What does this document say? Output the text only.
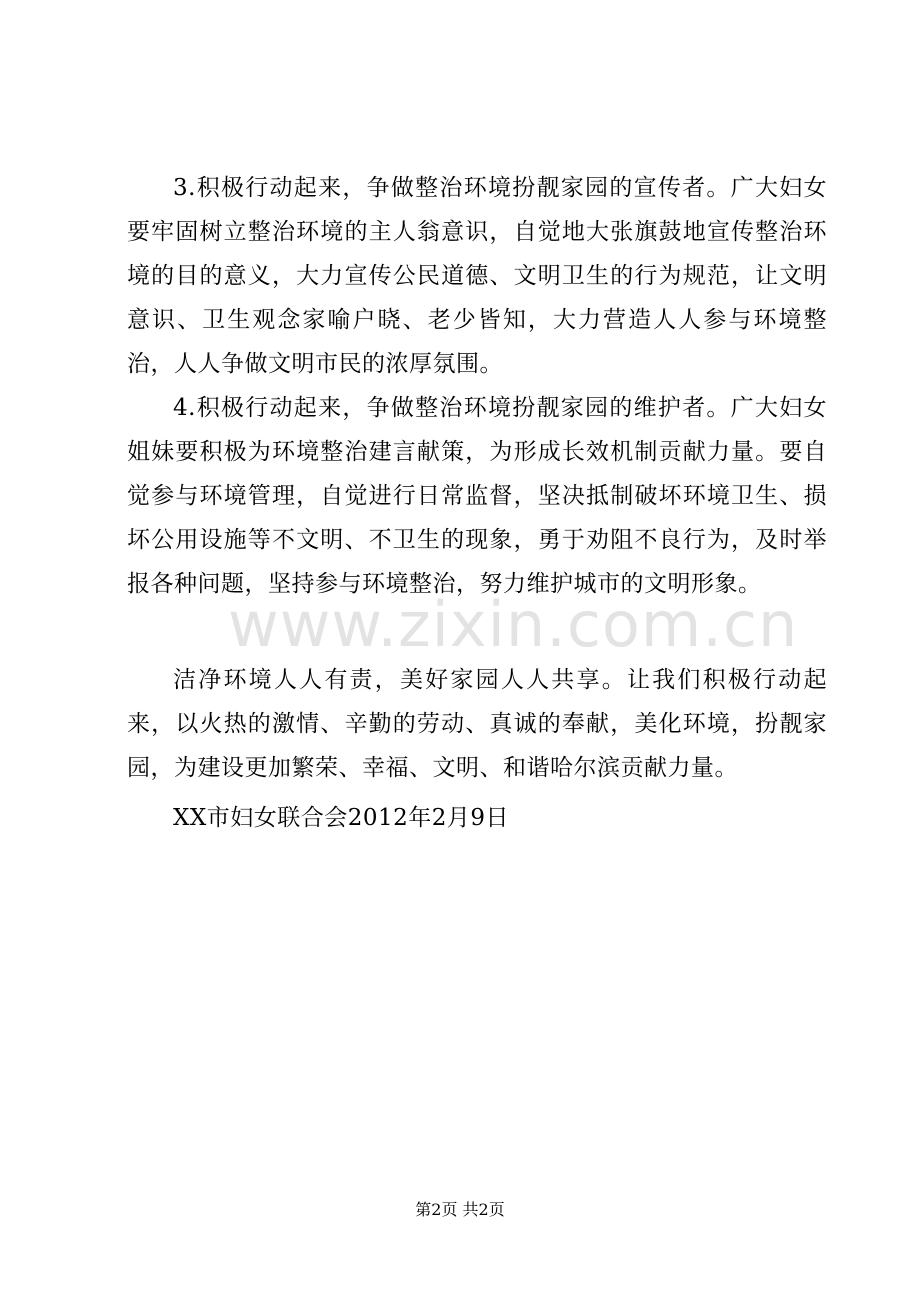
3.积极行动起来，争做整治环境扮靓家园的宣传者。广大妇女要牢固树立整治环境的主人翁意识，自觉地大张旗鼓地宣传整治环境的目的意义，大力宣传公民道德、文明卫生的行为规范，让文明意识、卫生观念家喻户晓、老少皆知，大力营造人人参与环境整治，人人争做文明市民的浓厚氛围。

4.积极行动起来，争做整治环境扮靓家园的维护者。广大妇女姐妹要积极为环境整治建言献策，为形成长效机制贡献力量。要自觉参与环境管理，自觉进行日常监督，坚决抵制破坏环境卫生、损坏公用设施等不文明、不卫生的现象，勇于劝阻不良行为，及时举报各种问题，坚持参与环境整治，努力维护城市的文明形象。

洁净环境人人有责，美好家园人人共享。让我们积极行动起来，以火热的激情、辛勤的劳动、真诚的奉献，美化环境，扮靓家园，为建设更加繁荣、幸福、文明、和谐哈尔滨贡献力量。

XX市妇女联合会2012年2月9日

www.zixin.com.cn

第2页 共2页
